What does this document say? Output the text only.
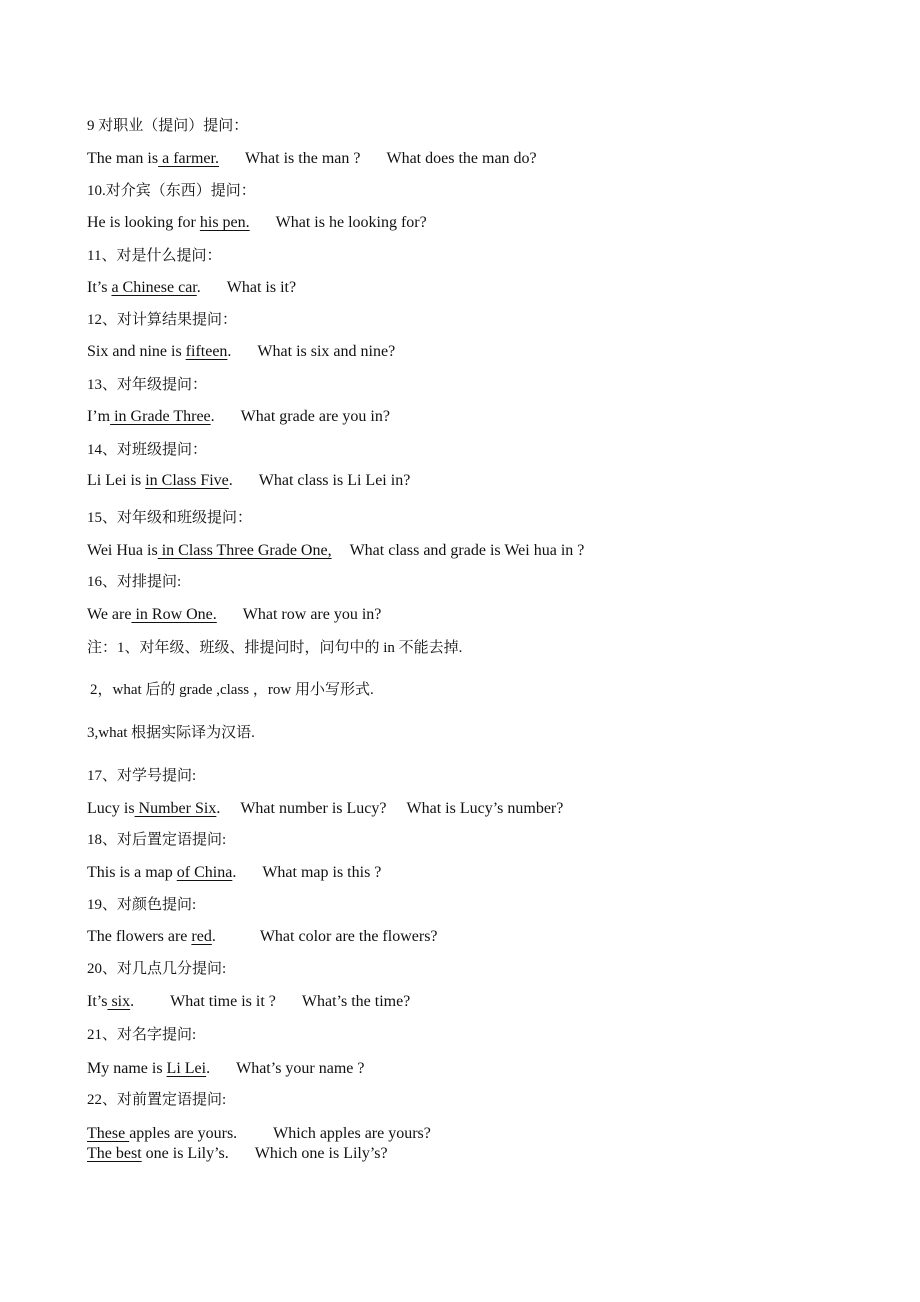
9 对职业（提问）提问：
The man is a farmer. What is the man ? What does the man do?
10.对介宾（东西）提问：
He is looking for his pen. What is he looking for?
11、对是什么提问：
It’s a Chinese car. What is it?
12、对计算结果提问：
Six and nine is fifteen. What is six and nine?
13、对年级提问：
I’m in Grade Three. What grade are you in?
14、对班级提问：
Li Lei is in Class Five. What class is Li Lei in?
15、对年级和班级提问：
Wei Hua is in Class Three Grade One, What class and grade is Wei hua in ?
16、对排提问:
We are in Row One. What row are you in?
注：1、对年级、班级、排提问时，问句中的 in 不能去掉.
2，what 后的 grade ,class ，row 用小写形式.
3,what 根据实际译为汉语.
17、对学号提问:
Lucy is Number Six. What number is Lucy? What is Lucy’s number?
18、对后置定语提问:
This is a map of China. What map is this ?
19、对颜色提问:
The flowers are red.	What color are the flowers?
20、对几点几分提问:
It’s six. What time is it ? What’s the time?
21、对名字提问:
My name is Li Lei. What’s your name ?
22、对前置定语提问:
These apples are yours. Which apples are yours?
The best one is Lily’s. Which one is Lily’s?
